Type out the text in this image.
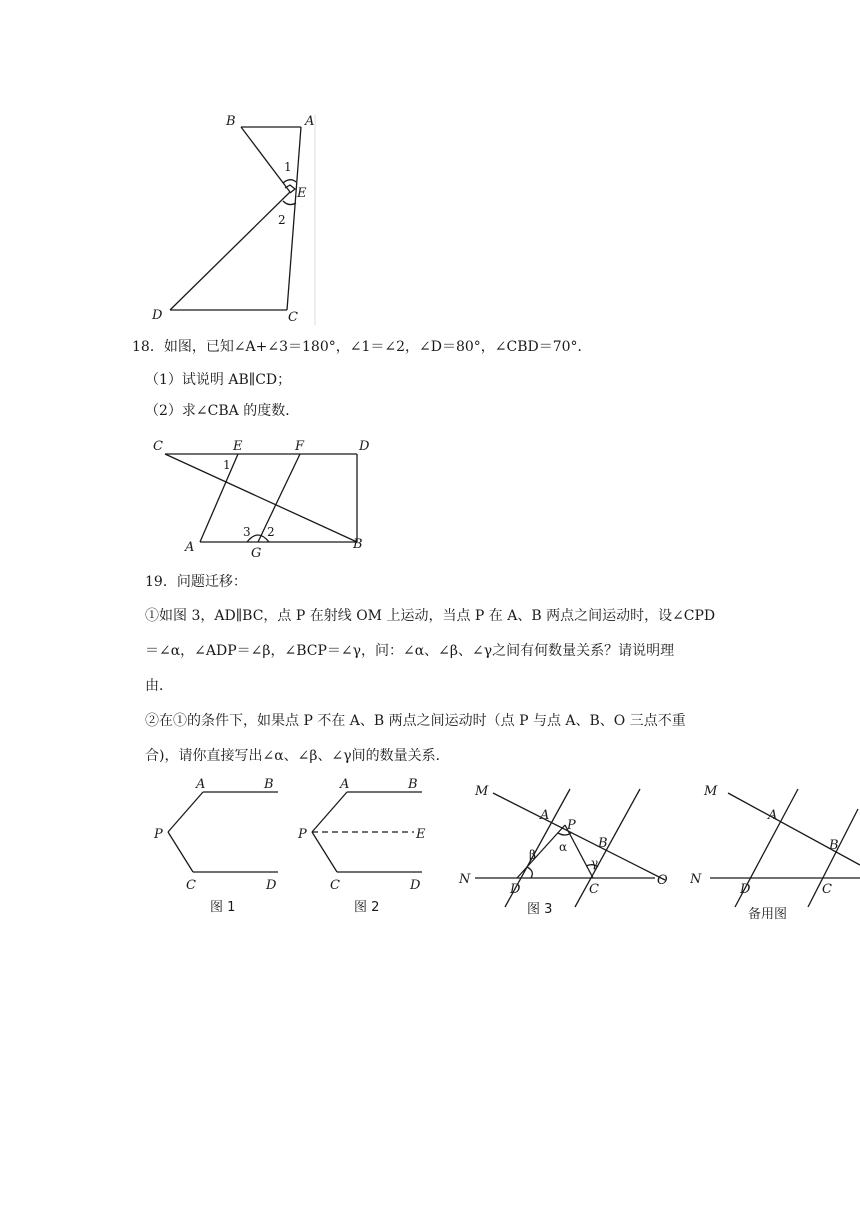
B	A
E
1
2
D	C
18．如图，已知∠A+∠3＝180°，∠1＝∠2，∠D＝80°，∠CBD＝70°．
（1）试说明 AB∥CD；
（2）求∠CBA 的度数．
C	E	F	D
1
3 2
A	G
B
19．问题迁移：
①如图 3，AD∥BC，点 P 在射线 OM 上运动，当点 P 在 A、B 两点之间运动时，设∠CPD
＝∠α，∠ADP＝∠β，∠BCP＝∠γ，问：∠α、∠β、∠γ之间有何数量关系？请说明理
由．
②在①的条件下，如果点 P 不在 A、B 两点之间运动时（点 P 与点 A、B、O 三点不重
合)，请你直接写出∠α、∠β、∠γ间的数量关系．
A	B
P
C	D
图 1
A	B
P	E
C	D
图 2
M
A
P
B
β
α
γ
N
D	C
O
图 3
M
A
B
N
D	C
备用图
